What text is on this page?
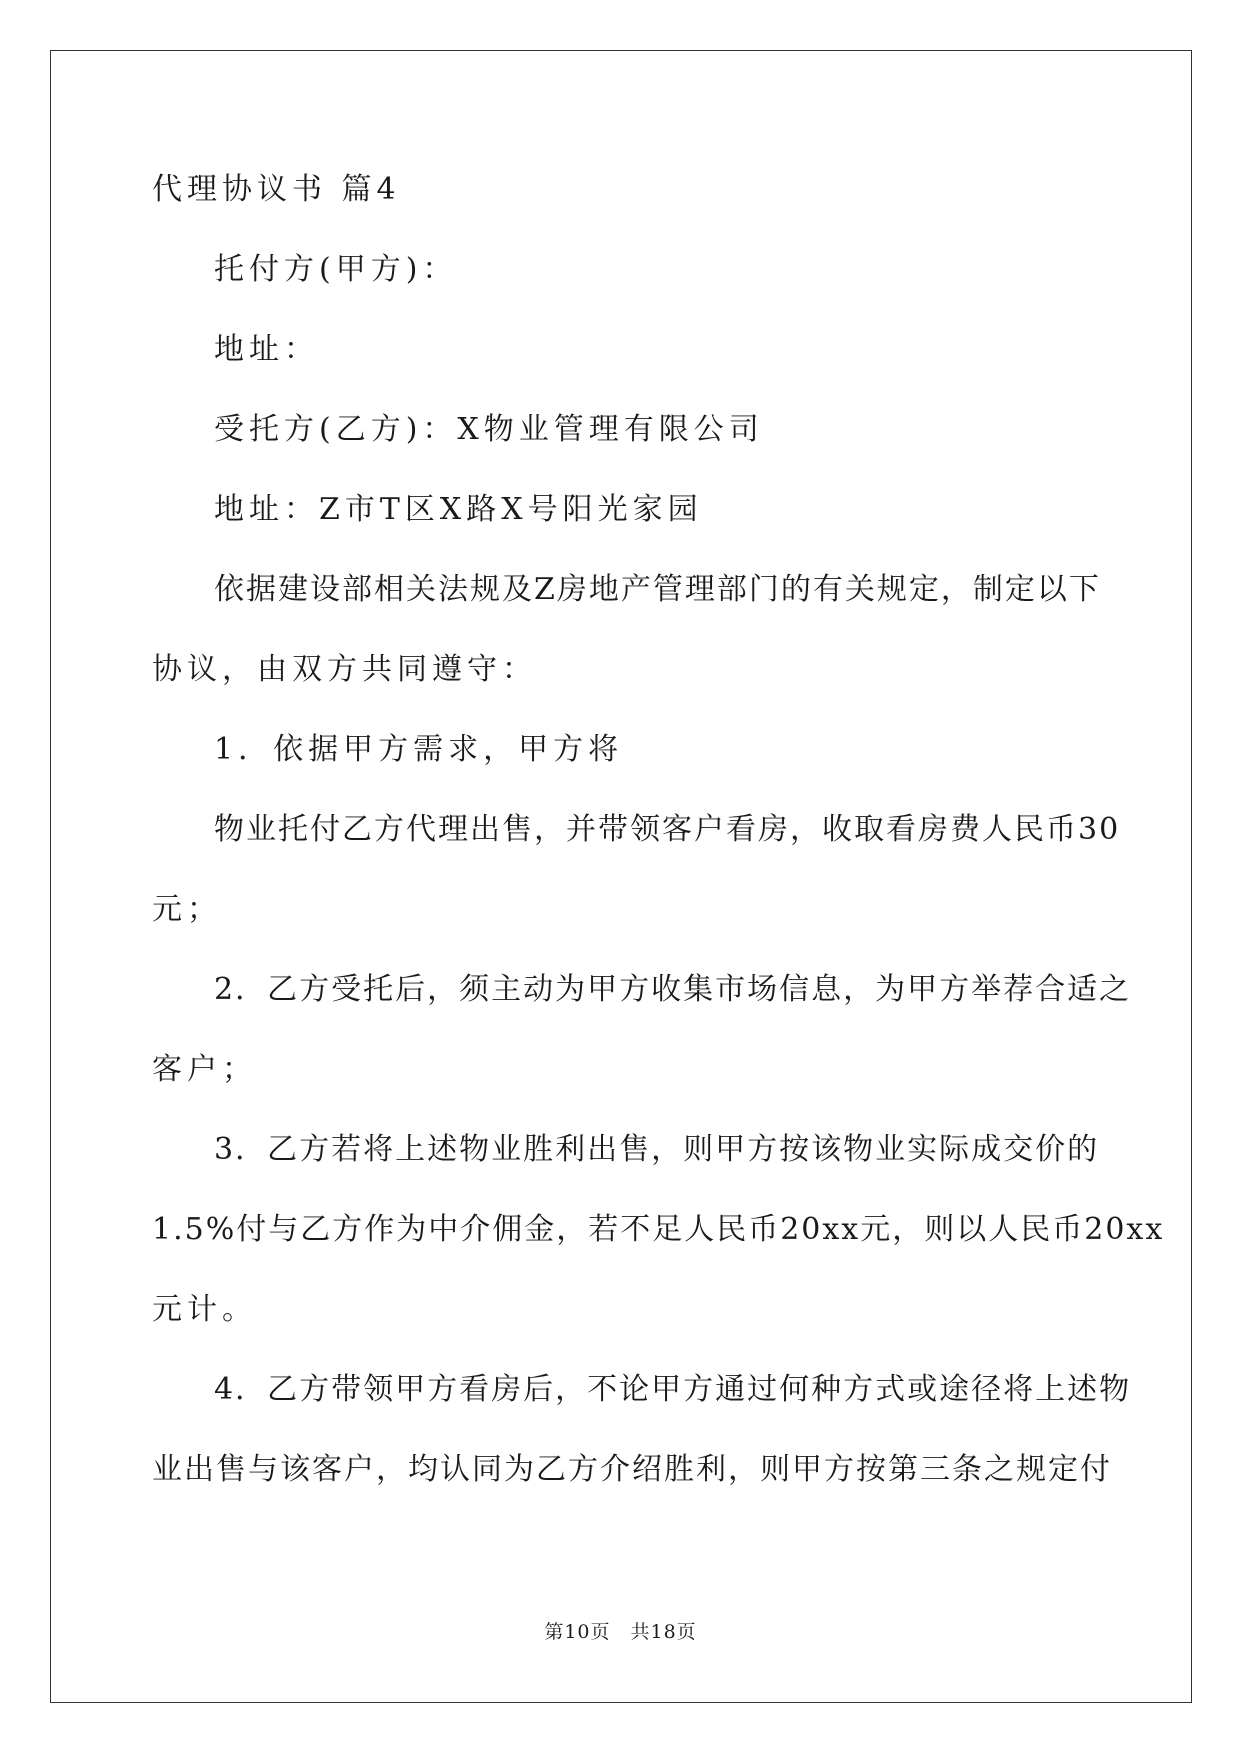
代理协议书 篇4
托付方(甲方)：
地址：
受托方(乙方)：X物业管理有限公司
地址：Z市T区X路X号阳光家园
依据建设部相关法规及Z房地产管理部门的有关规定，制定以下
协议，由双方共同遵守：
1．依据甲方需求，甲方将
物业托付乙方代理出售，并带领客户看房，收取看房费人民币30
元；
2．乙方受托后，须主动为甲方收集市场信息，为甲方举荐合适之
客户；
3．乙方若将上述物业胜利出售，则甲方按该物业实际成交价的
1.5%付与乙方作为中介佣金，若不足人民币20xx元，则以人民币20xx
元计。
4．乙方带领甲方看房后，不论甲方通过何种方式或途径将上述物
业出售与该客户，均认同为乙方介绍胜利，则甲方按第三条之规定付
第10页　共18页
